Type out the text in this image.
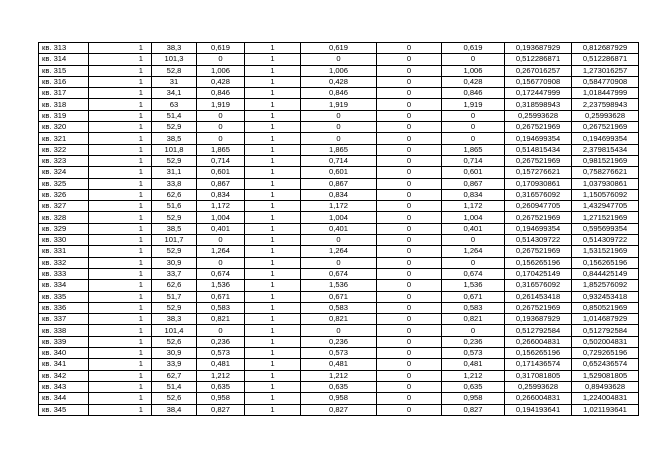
кв. 313	1	38,3	0,619	1	0,619	0	0,619	0,193687929	0,812687929
кв. 314	1	101,3	0	1	0	0	0	0,512286871	0,512286871
кв. 315	1	52,8	1,006	1	1,006	0	1,006	0,267016257	1,273016257
кв. 316	1	31	0,428	1	0,428	0	0,428	0,156770908	0,584770908
кв. 317	1	34,1	0,846	1	0,846	0	0,846	0,172447999	1,018447999
кв. 318	1	63	1,919	1	1,919	0	1,919	0,318598943	2,237598943
кв. 319	1	51,4	0	1	0	0	0	0,25993628	0,25993628
кв. 320	1	52,9	0	1	0	0	0	0,267521969	0,267521969
кв. 321	1	38,5	0	1	0	0	0	0,194699354	0,194699354
кв. 322	1	101,8	1,865	1	1,865	0	1,865	0,514815434	2,379815434
кв. 323	1	52,9	0,714	1	0,714	0	0,714	0,267521969	0,981521969
кв. 324	1	31,1	0,601	1	0,601	0	0,601	0,157276621	0,758276621
кв. 325	1	33,8	0,867	1	0,867	0	0,867	0,170930861	1,037930861
кв. 326	1	62,6	0,834	1	0,834	0	0,834	0,316576092	1,150576092
кв. 327	1	51,6	1,172	1	1,172	0	1,172	0,260947705	1,432947705
кв. 328	1	52,9	1,004	1	1,004	0	1,004	0,267521969	1,271521969
кв. 329	1	38,5	0,401	1	0,401	0	0,401	0,194699354	0,595699354
кв. 330	1	101,7	0	1	0	0	0	0,514309722	0,514309722
кв. 331	1	52,9	1,264	1	1,264	0	1,264	0,267521969	1,531521969
кв. 332	1	30,9	0	1	0	0	0	0,156265196	0,156265196
кв. 333	1	33,7	0,674	1	0,674	0	0,674	0,170425149	0,844425149
кв. 334	1	62,6	1,536	1	1,536	0	1,536	0,316576092	1,852576092
кв. 335	1	51,7	0,671	1	0,671	0	0,671	0,261453418	0,932453418
кв. 336	1	52,9	0,583	1	0,583	0	0,583	0,267521969	0,850521969
кв. 337	1	38,3	0,821	1	0,821	0	0,821	0,193687929	1,014687929
кв. 338	1	101,4	0	1	0	0	0	0,512792584	0,512792584
кв. 339	1	52,6	0,236	1	0,236	0	0,236	0,266004831	0,502004831
кв. 340	1	30,9	0,573	1	0,573	0	0,573	0,156265196	0,729265196
кв. 341	1	33,9	0,481	1	0,481	0	0,481	0,171436574	0,652436574
кв. 342	1	62,7	1,212	1	1,212	0	1,212	0,317081805	1,529081805
кв. 343	1	51,4	0,635	1	0,635	0	0,635	0,25993628	0,89493628
кв. 344	1	52,6	0,958	1	0,958	0	0,958	0,266004831	1,224004831
кв. 345	1	38,4	0,827	1	0,827	0	0,827	0,194193641	1,021193641
